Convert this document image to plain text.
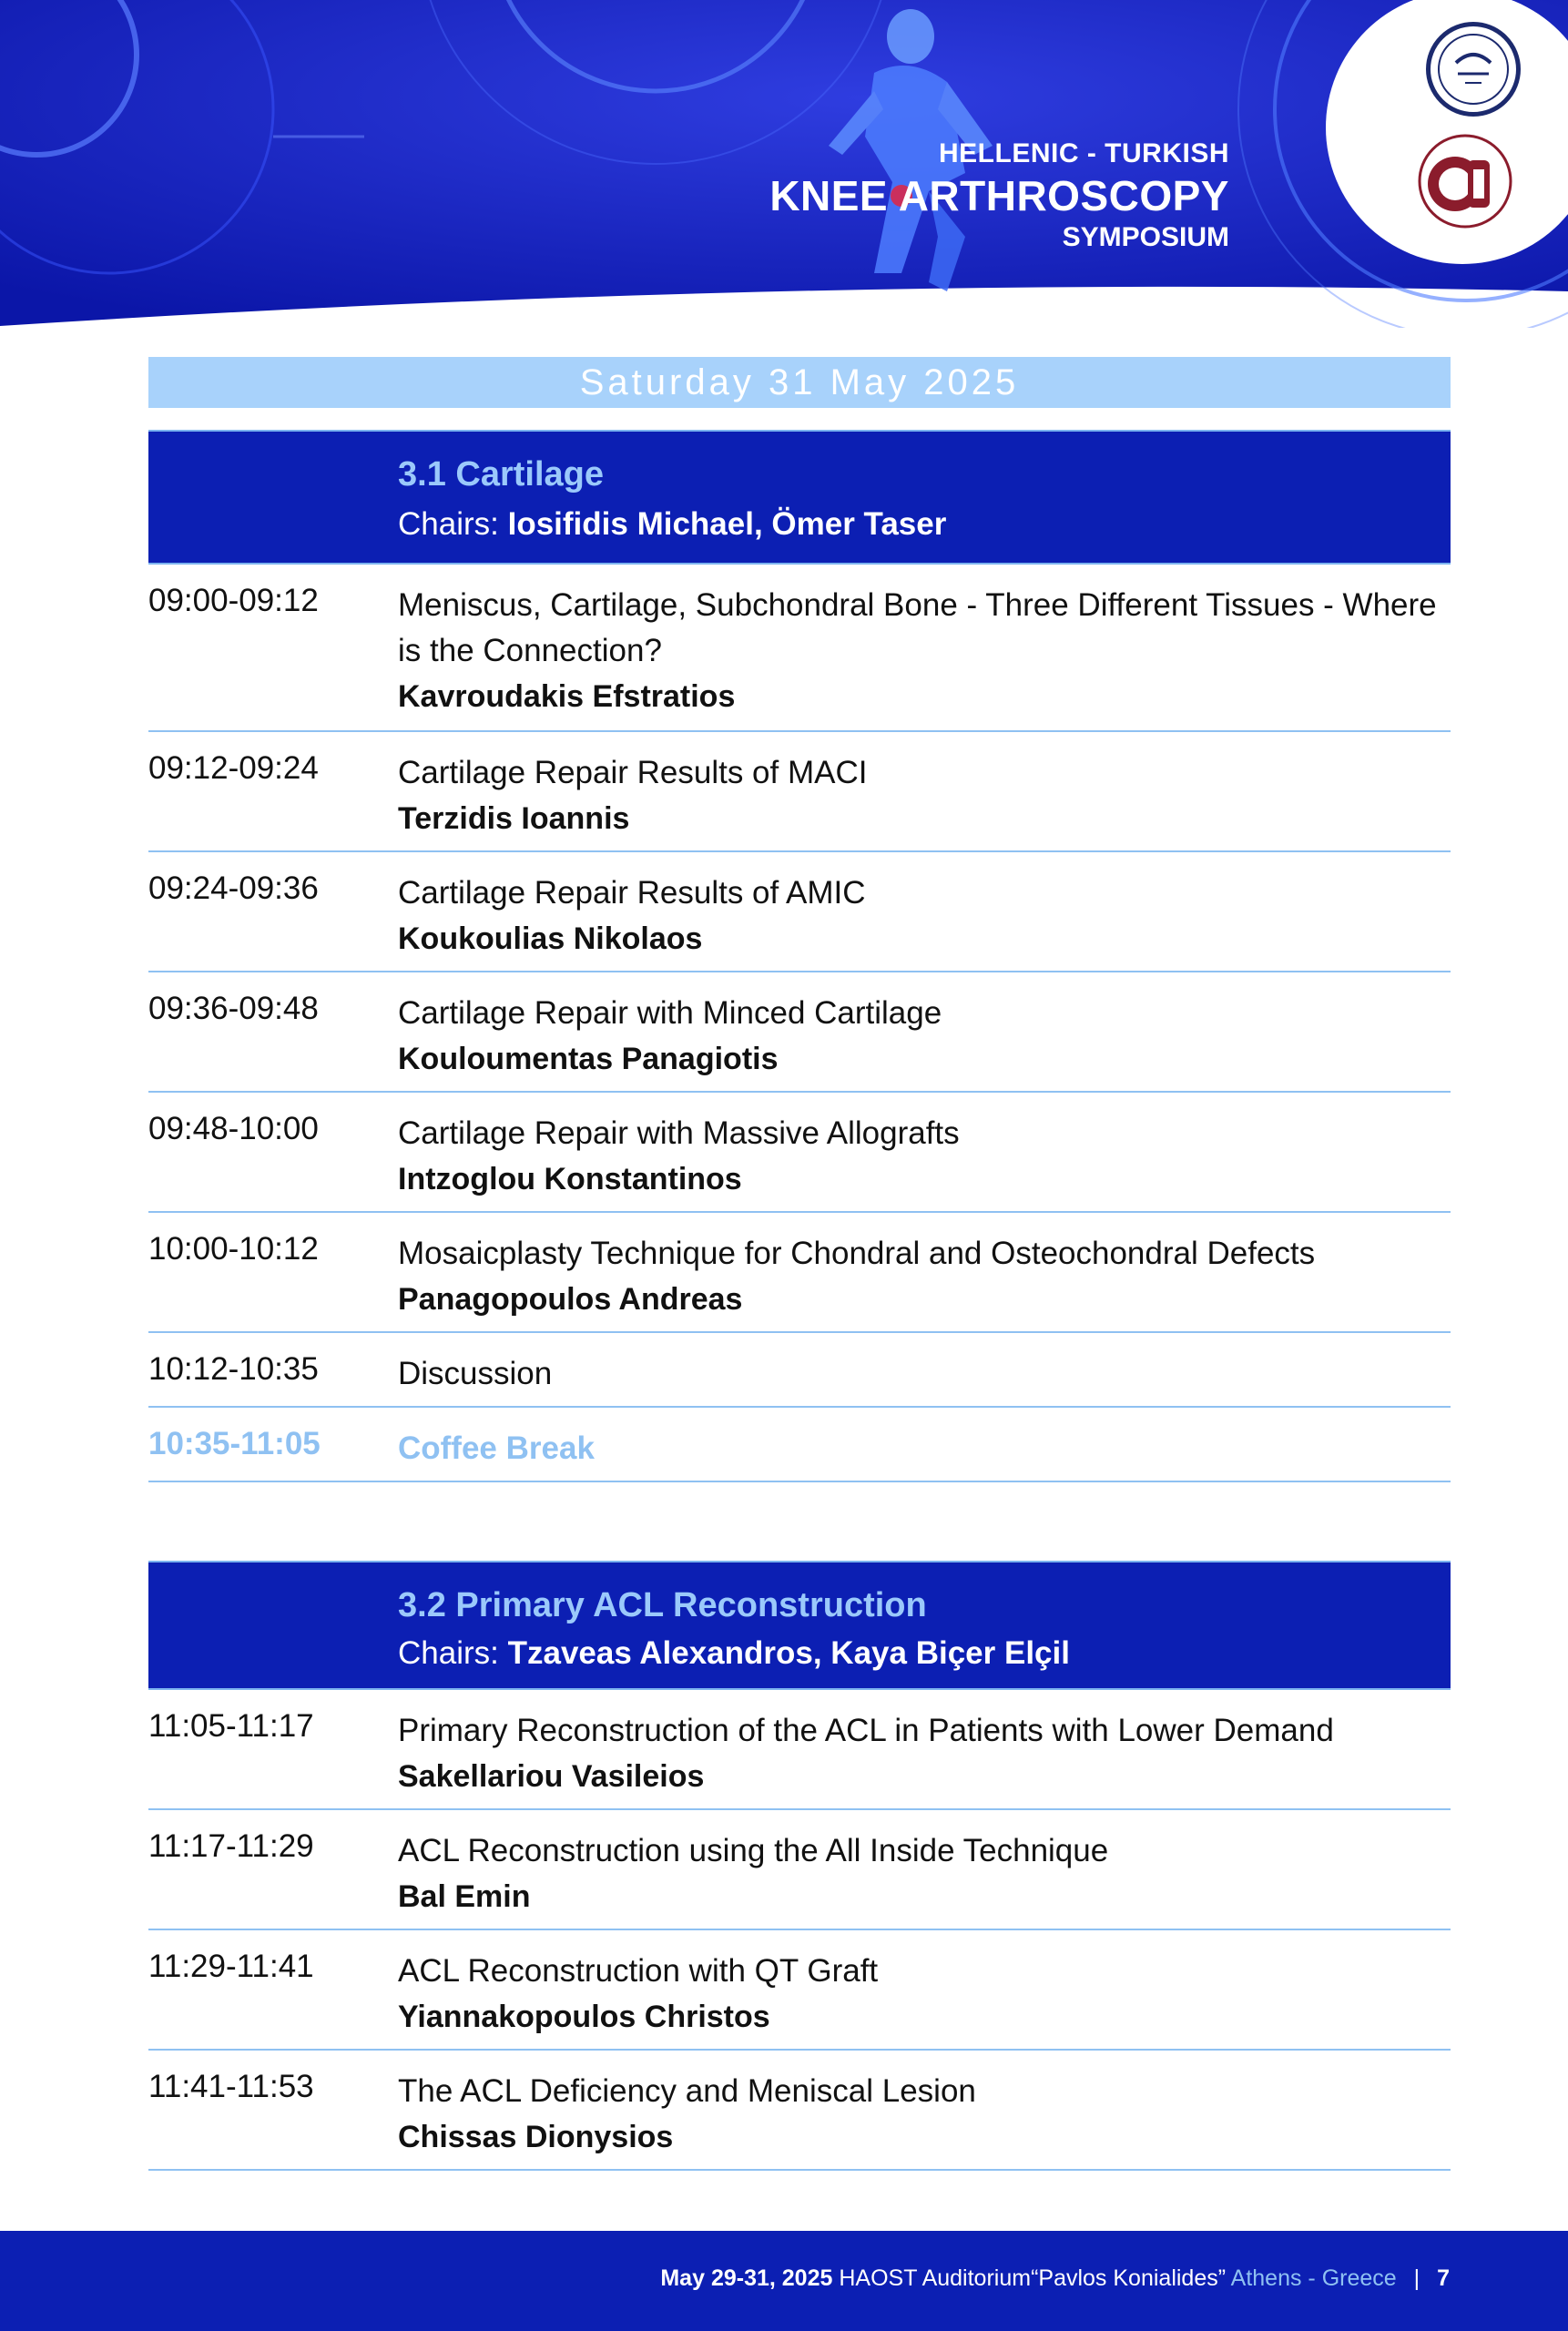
HELLENIC - TURKISH
KNEE ARTHROSCOPY
SYMPOSIUM
Saturday 31 May 2025
3.1 Cartilage
Chairs: Iosifidis Michael, Ömer Taser
09:00-09:12 Meniscus, Cartilage, Subchondral Bone - Three Different Tissues - Where is the Connection?
Kavroudakis Efstratios
09:12-09:24 Cartilage Repair Results of MACI
Terzidis Ioannis
09:24-09:36 Cartilage Repair Results of AMIC
Koukoulias Nikolaos
09:36-09:48 Cartilage Repair with Minced Cartilage
Kouloumentas Panagiotis
09:48-10:00 Cartilage Repair with Massive Allografts
Intzoglou Konstantinos
10:00-10:12 Mosaicplasty Technique for Chondral and Osteochondral Defects
Panagopoulos Andreas
10:12-10:35 Discussion
10:35-11:05 Coffee Break
3.2 Primary ACL Reconstruction
Chairs: Tzaveas Alexandros, Kaya Biçer Elçil
11:05-11:17	Primary Reconstruction of the ACL in Patients with Lower Demand
Sakellariou Vasileios
11:17-11:29	ACL Reconstruction using the All Inside Technique
Bal Emin
11:29-11:41	ACL Reconstruction with QT Graft
Yiannakopoulos Christos
11:41-11:53	The ACL Deficiency and Meniscal Lesion
Chissas Dionysios
May 29-31, 2025 HAOST Auditorium“Pavlos Konialides” Athens - Greece | 7
